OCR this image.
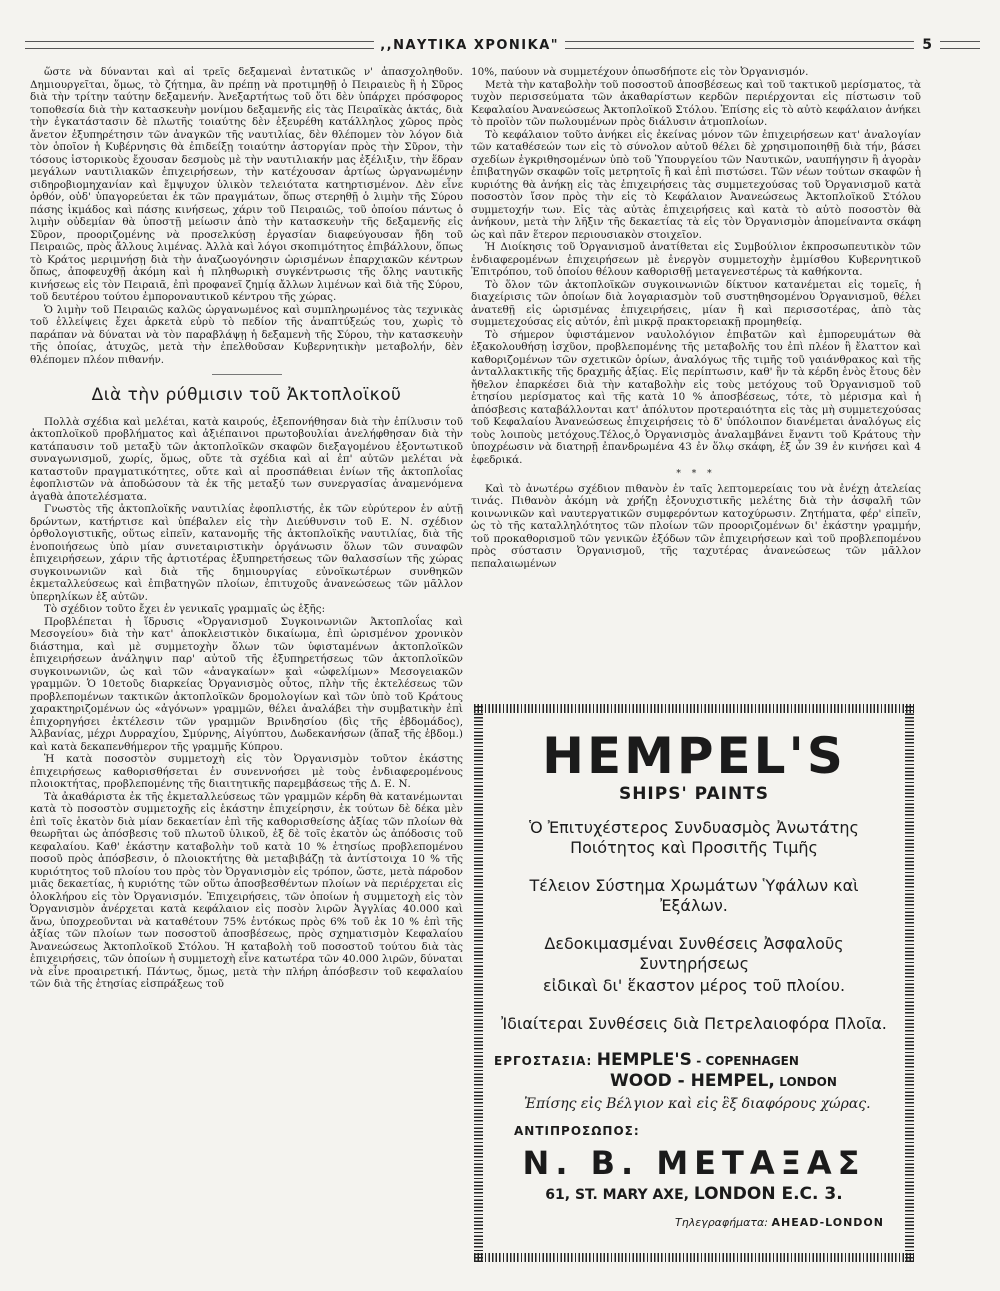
,,ΝΑΥΤΙΚΑ ΧΡΟΝΙΚΑ"	5

ὥστε νὰ δύνανται καὶ αἱ τρεῖς δεξαμεναὶ ἐντατικῶς ν' ἀπασχοληθοῦν. Δημιουργεῖται, ὅμως, τὸ ζήτημα, ἂν πρέπῃ νὰ προτιμηθῇ ὁ Πειραιεὺς ἢ ἡ Σῦρος διὰ τὴν τρίτην ταύτην δεξαμενήν. Ἀνεξαρτήτως τοῦ ὅτι δὲν ὑπάρχει πρόσφορος τοποθεσία διὰ τὴν κατασκευὴν μονίμου δεξαμενῆς εἰς τὰς Πειραϊκὰς ἀκτάς, διὰ τὴν ἐγκατάστασιν δὲ πλωτῆς τοιαύτης δὲν ἐξευρέθη κατάλληλος χῶρος πρὸς ἄνετον ἐξυπηρέτησιν τῶν ἀναγκῶν τῆς ναυτιλίας, δὲν θλέπομεν τὸν λόγον διὰ τὸν ὁποῖον ἡ Κυβέρνησις θὰ ἐπιδείξῃ τοιαύτην ἀστοργίαν πρὸς τὴν Σῦρον, τὴν τόσους ἱστορικοὺς ἔχουσαν δεσμοὺς μὲ τὴν ναυτιλιακήν μας ἐξέλιξιν, τὴν ἕδραν μεγάλων ναυτιλιακῶν ἐπιχειρήσεων, τὴν κατέχουσαν ἀρτίως ὠργανωμένην σιδηροβιομηχανίαν καὶ ἔμψυχον ὑλικὸν τελειότατα κατηρτισμένον. Δὲν εἶνε ὀρθόν, οὐδ' ὑπαγορεύεται ἐκ τῶν πραγμάτων, ὅπως στερηθῇ ὁ λιμὴν τῆς Σύρου πάσης ἰκμάδος καὶ πάσης κινήσεως, χάριν τοῦ Πειραιῶς, τοῦ ὁποίου πάντως ὁ λιμὴν οὐδεμίαν θὰ ὑποστῇ μείωσιν ἀπὸ τὴν κατασκευὴν τῆς δεξαμενῆς εἰς Σῦρον, προοριζομένης νὰ προσελκύσῃ ἐργασίαν διαφεύγουσαν ἤδη τοῦ Πειραιῶς, πρὸς ἄλλους λιμένας. Ἀλλὰ καὶ λόγοι σκοπιμότητος ἐπιβάλλουν, ὅπως τὸ Κράτος μεριμνήσῃ διὰ τὴν ἀναζωογόνησιν ὡρισμένων ἐπαρχιακῶν κέντρων ὅπως, ἀποφευχθῇ ἀκόμη καὶ ἡ πληθωρικὴ συγκέντρωσις τῆς ὅλης ναυτικῆς κινήσεως εἰς τὸν Πειραιᾶ, ἐπὶ προφανεῖ ζημίᾳ ἄλλων λιμένων καὶ διὰ τῆς Σύρου, τοῦ δευτέρου τούτου ἐμποροναυτικοῦ κέντρου τῆς χώρας.

Ὁ λιμὴν τοῦ Πειραιῶς καλῶς ὠργανωμένος καὶ συμπληρωμένος τὰς τεχνικὰς τοῦ ἐλλείψεις ἔχει ἀρκετὰ εὐρὺ τὸ πεδίον τῆς ἀναπτύξεώς του, χωρὶς τὸ παράπαν νὰ δύναται νὰ τὸν παραβλάψῃ ἡ δεξαμενὴ τῆς Σύρου, τὴν κατασκευὴν τῆς ὁποίας, ἀτυχῶς, μετὰ τὴν ἐπελθοῦσαν Κυβερνητικὴν μεταβολήν, δὲν θλέπομεν πλέον πιθανήν.

Διὰ τὴν ρύθμισιν τοῦ Ἀκτοπλοϊκοῦ

Πολλὰ σχέδια καὶ μελέται, κατὰ καιρούς, ἐξεπονήθησαν διὰ τὴν ἐπίλυσιν τοῦ ἀκτοπλοϊκοῦ προβλήματος καὶ ἀξιέπαινοι πρωτοβουλίαι ἀνελήφθησαν διὰ τὴν κατάπαυσιν τοῦ μεταξὺ τῶν ἀκτοπλοϊκῶν σκαφῶν διεξαγομένου ἐξοντωτικοῦ συναγωνισμοῦ, χωρίς, ὅμως, οὔτε τὰ σχέδια καὶ αἱ ἐπ' αὐτῶν μελέται νὰ καταστοῦν πραγματικότητες, οὔτε καὶ αἱ προσπάθειαι ἐνίων τῆς ἀκτοπλοΐας ἐφοπλιστῶν νὰ ἀποδώσουν τὰ ἐκ τῆς μεταξύ των συνεργασίας ἀναμενόμενα ἀγαθὰ ἀποτελέσματα.

Γνωστὸς τῆς ἀκτοπλοϊκῆς ναυτιλίας ἐφοπλιστής, ἐκ τῶν εὐρύτερον ἐν αὐτῇ δρώντων, κατήρτισε καὶ ὑπέβαλεν εἰς τὴν Διεύθυνσιν τοῦ Ε. Ν. σχέδιον ὀρθολογιστικῆς, οὕτως εἰπεῖν, κατανομῆς τῆς ἀκτοπλοϊκῆς ναυτιλίας, διὰ τῆς ἑνοποιήσεως ὑπὸ μίαν συνεταιριστικὴν ὀργάνωσιν ὅλων τῶν συναφῶν ἐπιχειρήσεων, χάριν τῆς ἀρτιοτέρας ἐξυπηρετήσεως τῶν θαλασσίων τῆς χώρας συγκοινωνιῶν καὶ διὰ τῆς δημιουργίας εὐνοϊκωτέρων συνθηκῶν ἐκμεταλλεύσεως καὶ ἐπιβατηγῶν πλοίων, ἐπιτυχοῦς ἀνανεώσεως τῶν μᾶλλον ὑπερηλίκων ἐξ αὐτῶν.

Τὸ σχέδιον τοῦτο ἔχει ἐν γενικαῖς γραμμαῖς ὡς ἑξῆς:

Προβλέπεται ἡ ἵδρυσις «Ὀργανισμοῦ Συγκοινωνιῶν Ἀκτοπλοΐας καὶ Μεσογείου» διὰ τὴν κατ' ἀποκλειστικὸν δικαίωμα, ἐπὶ ὡρισμένον χρονικὸν διάστημα, καὶ μὲ συμμετοχὴν ὅλων τῶν ὑφισταμένων ἀκτοπλοϊκῶν ἐπιχειρήσεων ἀνάληψιν παρ' αὐτοῦ τῆς ἐξυπηρετήσεως τῶν ἀκτοπλοϊκῶν συγκοινωνιῶν, ὡς καὶ τῶν «ἀναγκαίων» καὶ «ὠφελίμων» Μεσογειακῶν γραμμῶν. Ὁ 10ετοῦς διαρκείας Ὀργανισμὸς οὗτος, πλὴν τῆς ἐκτελέσεως τῶν προβλεπομένων τακτικῶν ἀκτοπλοϊκῶν δρομολογίων καὶ τῶν ὑπὸ τοῦ Κράτους χαρακτηριζομένων ὡς «ἀγόνων» γραμμῶν, θέλει ἀναλάβει τὴν συμβατικὴν ἐπὶ ἐπιχορηγήσει ἐκτέλεσιν τῶν γραμμῶν Βρινδησίου (δὶς τῆς ἑβδομάδος), Ἀλβανίας, μέχρι Δυρραχίου, Σμύρνης, Αἰγύπτου, Δωδεκανήσων (ἅπαξ τῆς ἑβδομ.) καὶ κατὰ δεκαπενθήμερον τῆς γραμμῆς Κύπρου.

Ἡ κατὰ ποσοστὸν συμμετοχὴ εἰς τὸν Ὀργανισμὸν τοῦτον ἑκάστης ἐπιχειρήσεως καθορισθήσεται ἐν συνεννοήσει μὲ τοὺς ἐνδιαφερομένους πλοιοκτήτας, προβλεπομένης τῆς διαιτητικῆς παρεμβάσεως τῆς Δ. Ε. Ν.

Τὰ ἀκαθάριστα ἐκ τῆς ἐκμεταλλεύσεως τῶν γραμμῶν κέρδη θὰ κατανέμωνται κατὰ τὸ ποσοστὸν συμμετοχῆς εἰς ἑκάστην ἐπιχείρησιν, ἐκ τούτων δὲ δέκα μὲν ἐπὶ τοῖς ἑκατὸν διὰ μίαν δεκαετίαν ἐπὶ τῆς καθορισθείσης ἀξίας τῶν πλοίων θὰ θεωρῆται ὡς ἀπόσβεσις τοῦ πλωτοῦ ὑλικοῦ, ἐξ δὲ τοῖς ἑκατὸν ὡς ἀπόδοσις τοῦ κεφαλαίου. Καθ' ἑκάστην καταβολὴν τοῦ κατὰ 10 % ἐτησίως προβλεπομένου ποσοῦ πρὸς ἀπόσβεσιν, ὁ πλοιοκτήτης θὰ μεταβιβάζῃ τὰ ἀντίστοιχα 10 % τῆς κυριότητος τοῦ πλοίου του πρὸς τὸν Ὀργανισμὸν εἰς τρόπον, ὥστε, μετὰ πάροδον μιᾶς δεκαετίας, ἡ κυριότης τῶν οὕτω ἀποσβεσθέντων πλοίων νὰ περιέρχεται εἰς ὁλοκλήρου εἰς τὸν Ὀργανισμόν. Ἐπιχειρήσεις, τῶν ὁποίων ἡ συμμετοχὴ εἰς τὸν Ὀργανισμὸν ἀνέρχεται κατὰ κεφάλαιον εἰς ποσὸν λιρῶν Ἀγγλίας 40.000 καὶ ἄνω, ὑποχρεοῦνται νὰ καταθέτουν 75% ἐντόκως πρὸς 6% τοῦ ἐκ 10 % ἐπὶ τῆς ἀξίας τῶν πλοίων των ποσοστοῦ ἀποσβέσεως, πρὸς σχηματισμὸν Κεφαλαίου Ἀνανεώσεως Ἀκτοπλοϊκοῦ Στόλου. Ἡ καταβολὴ τοῦ ποσοστοῦ τούτου διὰ τὰς ἐπιχειρήσεις, τῶν ὁποίων ἡ συμμετοχὴ εἶνε κατωτέρα τῶν 40.000 λιρῶν, δύναται νὰ εἶνε προαιρετική. Πάντως, ὅμως, μετὰ τὴν πλήρη ἀπόσβεσιν τοῦ κεφαλαίου τῶν διὰ τῆς ἐτησίας εἰσπράξεως τοῦ

10%, παύουν νὰ συμμετέχουν ὁπωσδήποτε εἰς τὸν Ὀργανισμόν.

Μετὰ τὴν καταβολὴν τοῦ ποσοστοῦ ἀποσβέσεως καὶ τοῦ τακτικοῦ μερίσματος, τὰ τυχὸν περισσεύματα τῶν ἀκαθαρίστων κερδῶν περιέρχονται εἰς πίστωσιν τοῦ Κεφαλαίου Ἀνανεώσεως Ἀκτοπλοϊκοῦ Στόλου. Ἐπίσης εἰς τὸ αὐτὸ κεφάλαιον ἀνήκει τὸ προϊὸν τῶν πωλουμένων πρὸς διάλυσιν ἀτμοπλοίων.

Τὸ κεφάλαιον τοῦτο ἀνήκει εἰς ἐκείνας μόνον τῶν ἐπιχειρήσεων κατ' ἀναλογίαν τῶν καταθέσεών των εἰς τὸ σύνολον αὐτοῦ θέλει δὲ χρησιμοποιηθῇ διὰ τήν, βάσει σχεδίων ἐγκριθησομένων ὑπὸ τοῦ Ὑπουργείου τῶν Ναυτικῶν, ναυπήγησιν ἢ ἀγορὰν ἐπιβατηγῶν σκαφῶν τοῖς μετρητοῖς ἢ καὶ ἐπὶ πιστώσει. Τῶν νέων τούτων σκαφῶν ἡ κυριότης θὰ ἀνήκῃ εἰς τὰς ἐπιχειρήσεις τὰς συμμετεχούσας τοῦ Ὀργανισμοῦ κατὰ ποσοστὸν ἴσον πρὸς τὴν εἰς τὸ Κεφάλαιον Ἀνανεώσεως Ἀκτοπλοϊκοῦ Στόλου συμμετοχήν των. Εἰς τὰς αὐτὰς ἐπιχειρήσεις καὶ κατὰ τὸ αὐτὸ ποσοστὸν θὰ ἀνήκουν, μετὰ τὴν λῆξιν τῆς δεκαετίας τὰ εἰς τὸν Ὀργανισμὸν ἀπομείναντα σκάφη ὡς καὶ πᾶν ἕτερον περιουσιακὸν στοιχεῖον.

Ἡ Διοίκησις τοῦ Ὀργανισμοῦ ἀνατίθεται εἰς Συμβούλιον ἐκπροσωπευτικὸν τῶν ἐνδιαφερομένων ἐπιχειρήσεων μὲ ἐνεργὸν συμμετοχὴν ἐμμίσθου Κυβερνητικοῦ Ἐπιτρόπου, τοῦ ὁποίου θέλουν καθορισθῇ μεταγενεστέρως τὰ καθήκοντα.

Τὸ ὅλον τῶν ἀκτοπλοϊκῶν συγκοινωνιῶν δίκτυον κατανέμεται εἰς τομεῖς, ἡ διαχείρισις τῶν ὁποίων διὰ λογαριασμὸν τοῦ συστηθησομένου Ὀργανισμοῦ, θέλει ἀνατεθῇ εἰς ὡρισμένας ἐπιχειρήσεις, μίαν ἢ καὶ περισσοτέρας, ἀπὸ τὰς συμμετεχούσας εἰς αὐτόν, ἐπὶ μικρᾷ πρακτορειακῇ προμηθείᾳ.

Τὸ σήμερον ὑφιστάμενον ναυλολόγιον ἐπιβατῶν καὶ ἐμπορευμάτων θὰ ἐξακολουθήσῃ ἰσχῦον, προβλεπομένης τῆς μεταβολῆς του ἐπὶ πλέον ἢ ἔλαττον καὶ καθοριζομένων τῶν σχετικῶν ὁρίων, ἀναλόγως τῆς τιμῆς τοῦ γαιάνθρακος καὶ τῆς ἀνταλλακτικῆς τῆς δραχμῆς ἀξίας. Εἰς περίπτωσιν, καθ' ἣν τὰ κέρδη ἑνὸς ἔτους δὲν ἤθελον ἐπαρκέσει διὰ τὴν καταβολὴν εἰς τοὺς μετόχους τοῦ Ὀργανισμοῦ τοῦ ἐτησίου μερίσματος καὶ τῆς κατὰ 10 % ἀποσβέσεως, τότε, τὸ μέρισμα καὶ ἡ ἀπόσβεσις καταβάλλονται κατ' ἀπόλυτον προτεραιότητα εἰς τὰς μὴ συμμετεχούσας τοῦ Κεφαλαίου Ἀνανεώσεως ἐπιχειρήσεις τὸ δ' ὑπόλοιπον διανέμεται ἀναλόγως εἰς τοὺς λοιποὺς μετόχους.Τέλος,ὁ Ὀργανισμὸς ἀναλαμβάνει ἔναντι τοῦ Κράτους τὴν ὑποχρέωσιν νὰ διατηρῇ ἐπανδρωμένα 43 ἐν ὅλῳ σκάφη, ἐξ ὧν 39 ἐν κινήσει καὶ 4 ἐφεδρικά.

* * *

Καὶ τὸ ἀνωτέρω σχέδιον πιθανὸν ἐν ταῖς λεπτομερείαις του νὰ ἐνέχῃ ἀτελείας τινάς. Πιθανὸν ἀκόμη νὰ χρήζῃ ἐξονυχιστικῆς μελέτης διὰ τὴν ἀσφαλῆ τῶν κοινωνικῶν καὶ ναυτεργατικῶν συμφερόντων κατοχύρωσιν. Ζητήματα, φέρ' εἰπεῖν, ὡς τὸ τῆς καταλληλότητος τῶν πλοίων τῶν προοριζομένων δι' ἑκάστην γραμμήν, τοῦ προκαθορισμοῦ τῶν γενικῶν ἐξόδων τῶν ἐπιχειρήσεων καὶ τοῦ προβλεπομένου πρὸς σύστασιν Ὀργανισμοῦ, τῆς ταχυτέρας ἀνανεώσεως τῶν μᾶλλον πεπαλαιωμένων

HEMPEL'S
SHIPS' PAINTS
Ὁ Ἐπιτυχέστερος Συνδυασμὸς Ἀνωτάτης Ποιότητος καὶ Προσιτῆς Τιμῆς
Τέλειον Σύστημα Χρωμάτων Ὑφάλων καὶ Ἐξάλων.
Δεδοκιμασμέναι Συνθέσεις Ἀσφαλοῦς Συντηρήσεως
εἰδικαὶ δι' ἕκαστον μέρος τοῦ πλοίου.
Ἰδιαίτεραι Συνθέσεις διὰ Πετρελαιοφόρα Πλοῖα.
ΕΡΓΟΣΤΑΣΙΑ: HEMPLE'S - COPENHAGEN
WOOD - HEMPEL, LONDON
Ἐπίσης εἰς Βέλγιον καὶ εἰς ἓξ διαφόρους χώρας.
ΑΝΤΙΠΡΟΣΩΠΟΣ:
N. B. ΜΕΤΑΞΑΣ
61, ST. MARY AXE, LONDON E.C. 3.
Τηλεγραφήματα: AHEAD-LONDON
